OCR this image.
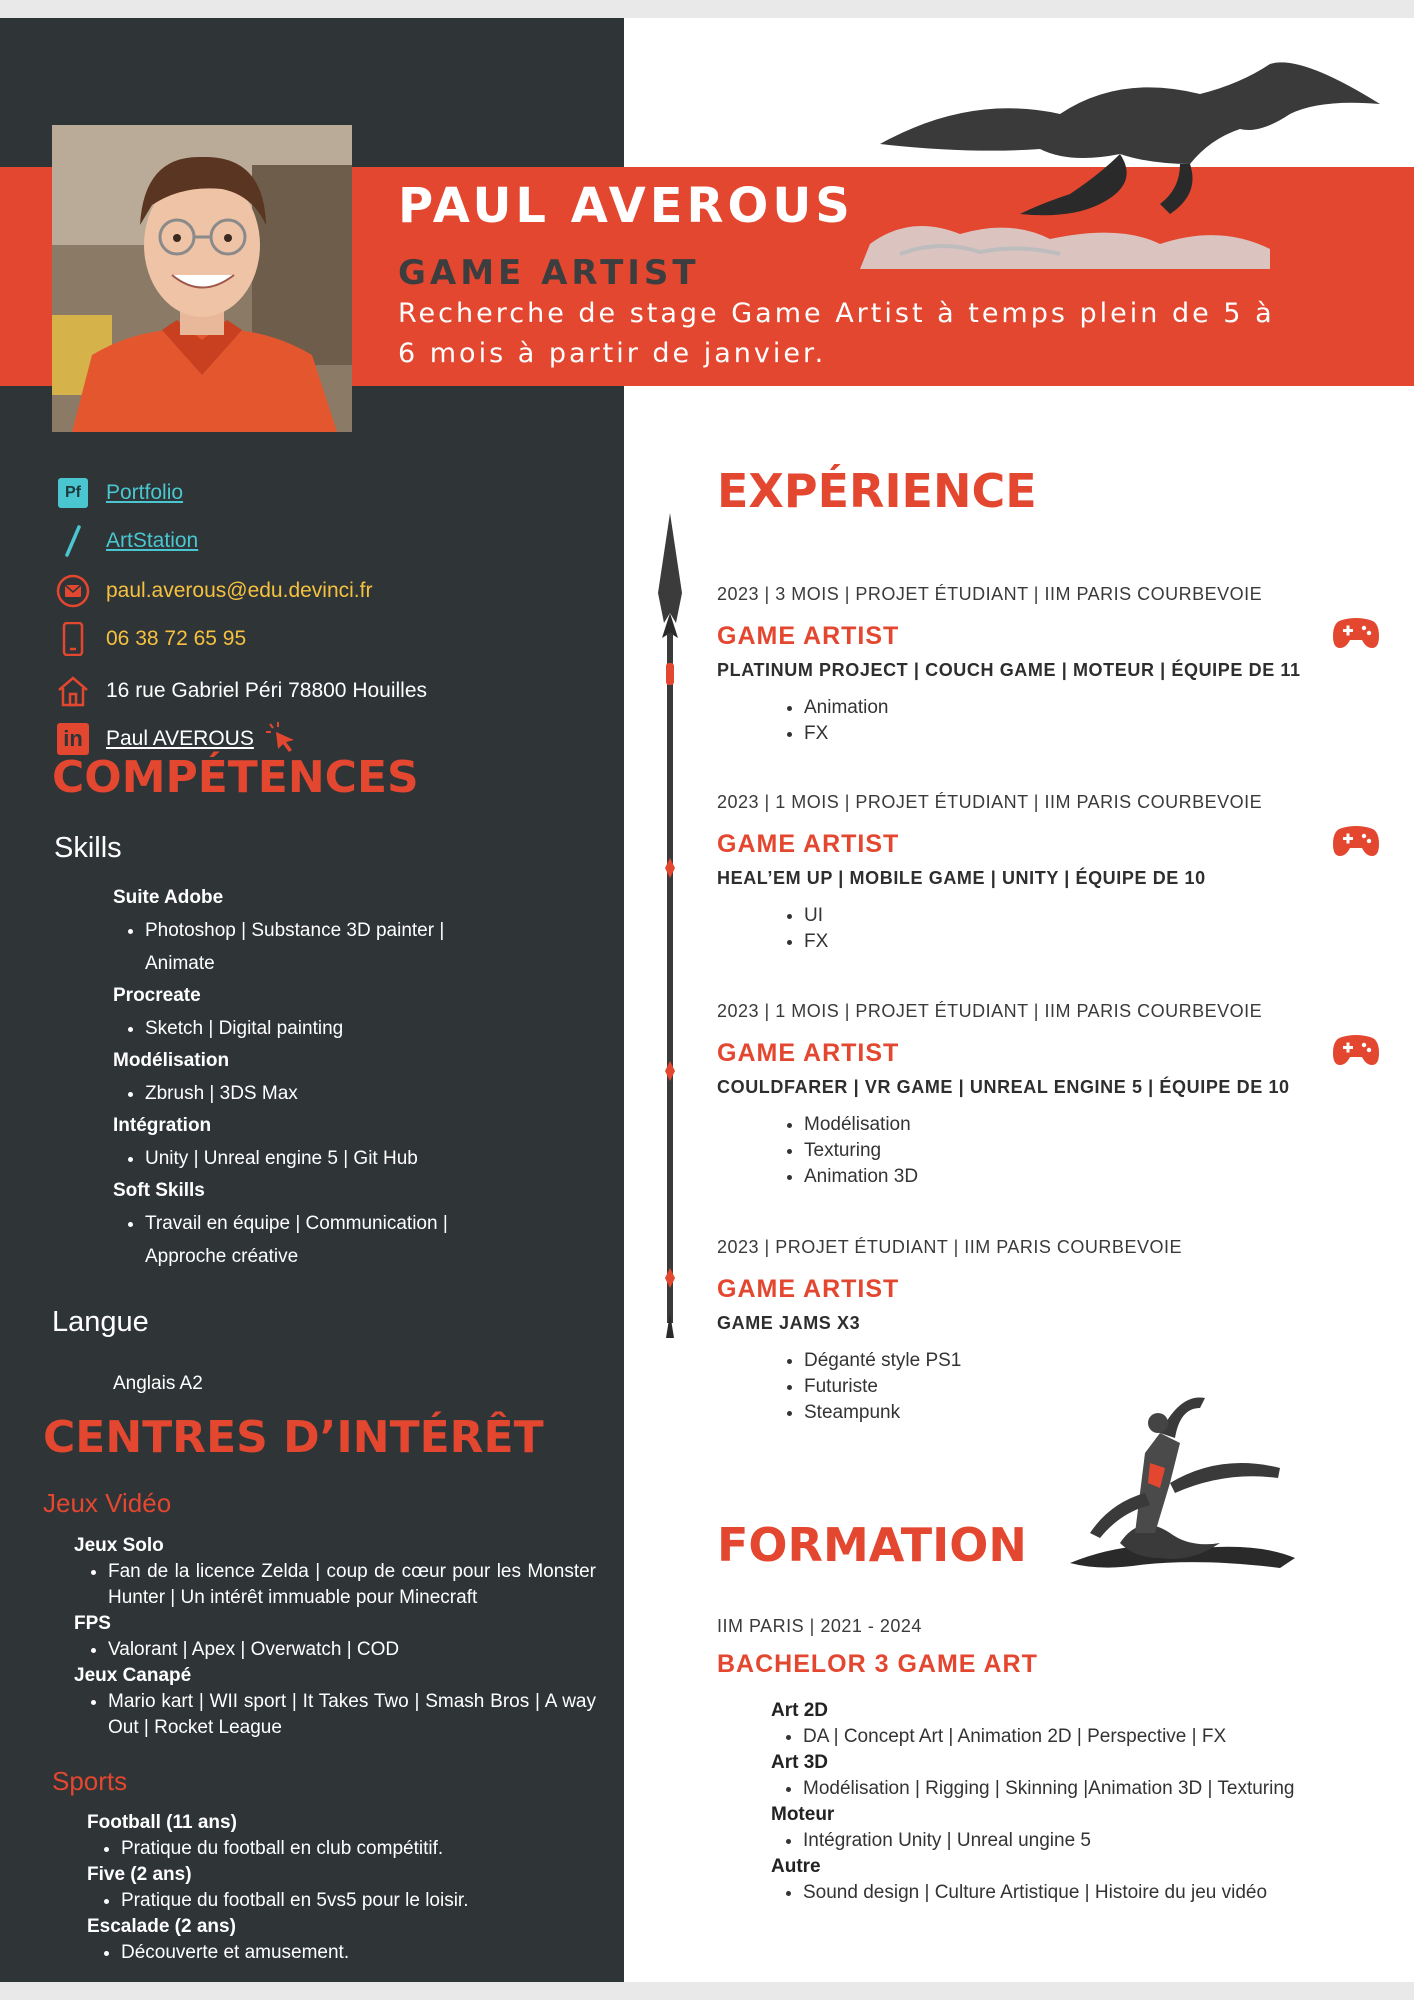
PAUL AVEROUS
GAME ARTIST

Recherche de stage Game Artist à temps plein de 5 à 6 mois à partir de janvier.

Pf	Portfolio
ArtStation
paul.averous@edu.devinci.fr
06 38 72 65 95
16 rue Gabriel Péri 78800 Houilles
in Paul AVEROUS
COMPÉTENCES
Skills
Suite Adobe
• Photoshop | Substance 3D painter | Animate
Procreate
• Sketch | Digital painting
Modélisation
• Zbrush | 3DS Max
Intégration
• Unity | Unreal engine 5 | Git Hub
Soft Skills
• Travail en équipe | Communication | Approche créative
Langue
Anglais A2
CENTRES D’INTÉRÊT
Jeux Vidéo
Jeux Solo
• Fan de la licence Zelda | coup de cœur pour les Monster Hunter | Un intérêt immuable pour Minecraft
FPS
• Valorant | Apex | Overwatch | COD
Jeux Canapé
• Mario kart | WII sport | It Takes Two | Smash Bros | A way Out | Rocket League
Sports
Football (11 ans)
• Pratique du football en club compétitif.
Five (2 ans)
• Pratique du football en 5vs5 pour le loisir.
Escalade (2 ans)
• Découverte et amusement.
EXPÉRIENCE
2023 | 3 MOIS | PROJET ÉTUDIANT | IIM PARIS COURBEVOIE
GAME ARTIST
PLATINUM PROJECT | COUCH GAME | MOTEUR | ÉQUIPE DE 11
• Animation
• FX
2023 | 1 MOIS | PROJET ÉTUDIANT | IIM PARIS COURBEVOIE
GAME ARTIST
HEAL’EM UP | MOBILE GAME | UNITY | ÉQUIPE DE 10
• UI
• FX
2023 | 1 MOIS | PROJET ÉTUDIANT | IIM PARIS COURBEVOIE
GAME ARTIST
COULDFARER | VR GAME | UNREAL ENGINE 5 | ÉQUIPE DE 10
• Modélisation
• Texturing
• Animation 3D
2023 | PROJET ÉTUDIANT | IIM PARIS COURBEVOIE
GAME ARTIST
GAME JAMS X3
• Déganté style PS1
• Futuriste
• Steampunk
FORMATION
IIM PARIS | 2021 - 2024
BACHELOR 3 GAME ART
Art 2D
• DA | Concept Art | Animation 2D | Perspective | FX
Art 3D
• Modélisation | Rigging | Skinning |Animation 3D | Texturing
Moteur
• Intégration Unity | Unreal ungine 5
Autre
• Sound design | Culture Artistique | Histoire du jeu vidéo
